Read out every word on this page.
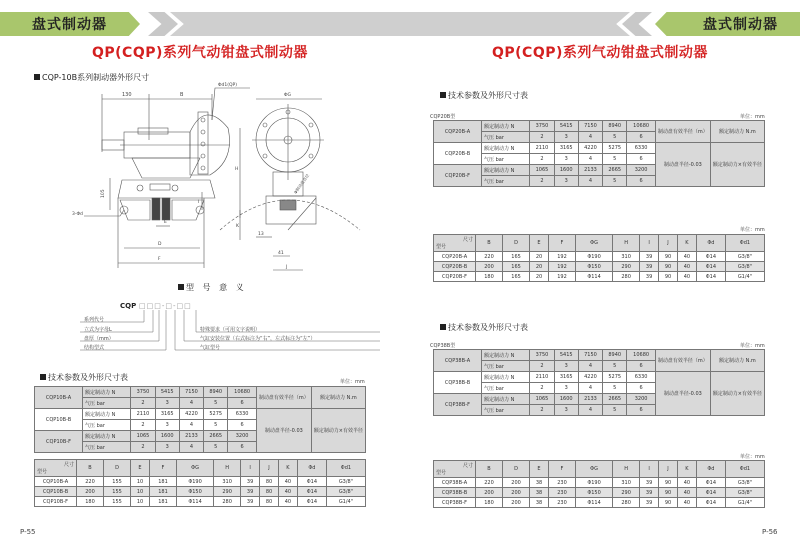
盘式制动器
QP(CQP)系列气动钳盘式制动器
CQP-10B系列制动器外形尺寸
130	B
Φd1(QP)
105
I
K
H
3-Φd
E
D
F
ΦG
Φ制动盘直径
13
41
J
型 号 意 义
CQP □□□-□-□□
系列代号
立式为字母L
盘厚（mm）
结构型式
特殊要求（可用文字说明）
气缸安装位置（右式标注为“右”，左式标注为“左”）
气缸型号
技术参数及外形尺寸表	单位：mm
CQP10B-A	额定制动力 N	3750	5415	7150	8940	10680	制动盘有效半径（m）	额定制动力 N.m
	气压 bar	2	3	4	5	6		
CQP10B-B	额定制动力 N	2110	3165	4220	5275	6330	制动盘半径-0.03	额定制动力×有效半径
	气压 bar	2	3	4	5	6		
CQP10B-F	额定制动力 N	1065	1600	2133	2665	3200		
	气压 bar	2	3	4	5	6		
尺寸
型号	B	D	E	F	ΦG	H	I	J	K	Φd	Φd1
CQP10B-A	220	155	10	181	Φ190	310	39	80	40	Φ14	G3/8"
CQP10B-B	200	155	10	181	Φ150	290	39	80	40	Φ14	G3/8"
CQP10B-F	180	155	10	181	Φ114	280	39	80	40	Φ14	G1/4"
P-55
盘式制动器
QP(CQP)系列气动钳盘式制动器
技术参数及外形尺寸表
CQP20B型	单位：mm
CQP20B-A	额定制动力 N	3750	5415	7150	8940	10680	制动盘有效半径（m）	额定制动力 N.m
	气压 bar	2	3	4	5	6		
CQP20B-B	额定制动力 N	2110	3165	4220	5275	6330	制动盘半径-0.03	额定制动力×有效半径
	气压 bar	2	3	4	5	6		
CQP20B-F	额定制动力 N	1065	1600	2133	2665	3200		
	气压 bar	2	3	4	5	6		
单位：mm
尺寸
型号	B	D	E	F	ΦG	H	I	J	K	Φd	Φd1
CQP20B-A	220	165	20	192	Φ190	310	39	90	40	Φ14	G3/8"
CQP20B-B	200	165	20	192	Φ150	290	39	90	40	Φ14	G3/8"
CQP20B-F	180	165	20	192	Φ114	280	39	90	40	Φ14	G1/4"
技术参数及外形尺寸表
CQP38B型	单位：mm
CQP38B-A	额定制动力 N	3750	5415	7150	8940	10680	制动盘有效半径（m）	额定制动力 N.m
	气压 bar	2	3	4	5	6		
CQP38B-B	额定制动力 N	2110	3165	4220	5275	6330	制动盘半径-0.03	额定制动力×有效半径
	气压 bar	2	3	4	5	6		
CQP38B-F	额定制动力 N	1065	1600	2133	2665	3200		
	气压 bar	2	3	4	5	6		
单位：mm
尺寸
型号	B	D	E	F	ΦG	H	I	J	K	Φd	Φd1
CQP38B-A	220	200	38	230	Φ190	310	39	90	40	Φ14	G3/8"
CQP38B-B	200	200	38	230	Φ150	290	39	90	40	Φ14	G3/8"
CQP38B-F	180	200	38	230	Φ114	280	39	90	40	Φ14	G1/4"
P-56
